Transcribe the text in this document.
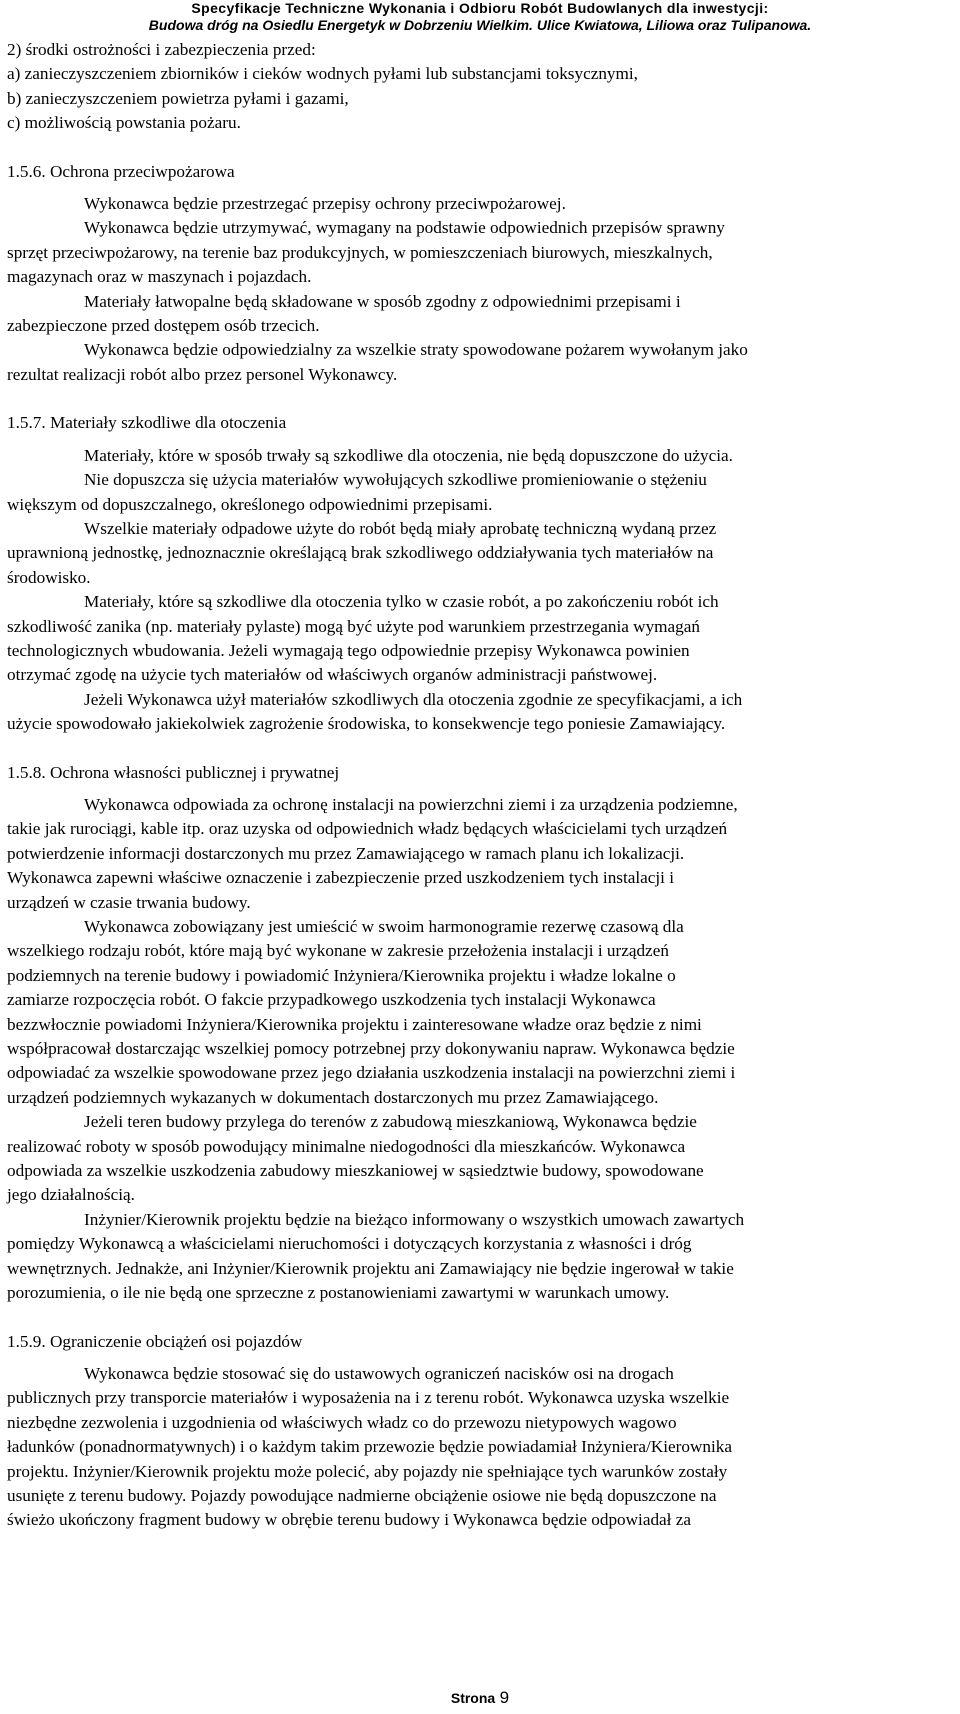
Specyfikacje Techniczne Wykonania i Odbioru Robót Budowlanych dla inwestycji:
Budowa dróg na Osiedlu Energetyk w Dobrzeniu Wielkim. Ulice Kwiatowa, Liliowa oraz Tulipanowa.
2) środki ostrożności i zabezpieczenia przed:
a) zanieczyszczeniem zbiorników i cieków wodnych pyłami lub substancjami toksycznymi,
b) zanieczyszczeniem powietrza pyłami i gazami,
c) możliwością powstania pożaru.
1.5.6. Ochrona przeciwpożarowa
Wykonawca będzie przestrzegać przepisy ochrony przeciwpożarowej.
Wykonawca będzie utrzymywać, wymagany na podstawie odpowiednich przepisów sprawny
sprzęt przeciwpożarowy, na terenie baz produkcyjnych, w pomieszczeniach biurowych, mieszkalnych,
magazynach oraz w maszynach i pojazdach.
Materiały łatwopalne będą składowane w sposób zgodny z odpowiednimi przepisami i
zabezpieczone przed dostępem osób trzecich.
Wykonawca będzie odpowiedzialny za wszelkie straty spowodowane pożarem wywołanym jako
rezultat realizacji robót albo przez personel Wykonawcy.
1.5.7. Materiały szkodliwe dla otoczenia
Materiały, które w sposób trwały są szkodliwe dla otoczenia, nie będą dopuszczone do użycia.
Nie dopuszcza się użycia materiałów wywołujących szkodliwe promieniowanie o stężeniu
większym od dopuszczalnego, określonego odpowiednimi przepisami.
Wszelkie materiały odpadowe użyte do robót będą miały aprobatę techniczną wydaną przez
uprawnioną jednostkę, jednoznacznie określającą brak szkodliwego oddziaływania tych materiałów na
środowisko.
Materiały, które są szkodliwe dla otoczenia tylko w czasie robót, a po zakończeniu robót ich
szkodliwość zanika (np. materiały pylaste) mogą być użyte pod warunkiem przestrzegania wymagań
technologicznych wbudowania. Jeżeli wymagają tego odpowiednie przepisy Wykonawca powinien
otrzymać zgodę na użycie tych materiałów od właściwych organów administracji państwowej.
Jeżeli Wykonawca użył materiałów szkodliwych dla otoczenia zgodnie ze specyfikacjami, a ich
użycie spowodowało jakiekolwiek zagrożenie środowiska, to konsekwencje tego poniesie Zamawiający.
1.5.8. Ochrona własności publicznej i prywatnej
Wykonawca odpowiada za ochronę instalacji na powierzchni ziemi i za urządzenia podziemne,
takie jak rurociągi, kable itp. oraz uzyska od odpowiednich władz będących właścicielami tych urządzeń
potwierdzenie informacji dostarczonych mu przez Zamawiającego w ramach planu ich lokalizacji.
Wykonawca zapewni właściwe oznaczenie i zabezpieczenie przed uszkodzeniem tych instalacji i
urządzeń w czasie trwania budowy.
Wykonawca zobowiązany jest umieścić w swoim harmonogramie rezerwę czasową dla
wszelkiego rodzaju robót, które mają być wykonane w zakresie przełożenia instalacji i urządzeń
podziemnych na terenie budowy i powiadomić Inżyniera/Kierownika projektu i władze lokalne o
zamiarze rozpoczęcia robót. O fakcie przypadkowego uszkodzenia tych instalacji Wykonawca
bezzwłocznie powiadomi Inżyniera/Kierownika projektu i zainteresowane władze oraz będzie z nimi
współpracował dostarczając wszelkiej pomocy potrzebnej przy dokonywaniu napraw. Wykonawca będzie
odpowiadać za wszelkie spowodowane przez jego działania uszkodzenia instalacji na powierzchni ziemi i
urządzeń podziemnych wykazanych w dokumentach dostarczonych mu przez Zamawiającego.
Jeżeli teren budowy przylega do terenów z zabudową mieszkaniową, Wykonawca będzie
realizować roboty w sposób powodujący minimalne niedogodności dla mieszkańców. Wykonawca
odpowiada za wszelkie uszkodzenia zabudowy mieszkaniowej w sąsiedztwie budowy, spowodowane
jego działalnością.
Inżynier/Kierownik projektu będzie na bieżąco informowany o wszystkich umowach zawartych
pomiędzy Wykonawcą a właścicielami nieruchomości i dotyczących korzystania z własności i dróg
wewnętrznych. Jednakże, ani Inżynier/Kierownik projektu ani Zamawiający nie będzie ingerował w takie
porozumienia, o ile nie będą one sprzeczne z postanowieniami zawartymi w warunkach umowy.
1.5.9. Ograniczenie obciążeń osi pojazdów
Wykonawca będzie stosować się do ustawowych ograniczeń nacisków osi na drogach
publicznych przy transporcie materiałów i wyposażenia na i z terenu robót. Wykonawca uzyska wszelkie
niezbędne zezwolenia i uzgodnienia od właściwych władz co do przewozu nietypowych wagowo
ładunków (ponadnormatywnych) i o każdym takim przewozie będzie powiadamiał Inżyniera/Kierownika
projektu. Inżynier/Kierownik projektu może polecić, aby pojazdy nie spełniające tych warunków zostały
usunięte z terenu budowy. Pojazdy powodujące nadmierne obciążenie osiowe nie będą dopuszczone na
świeżo ukończony fragment budowy w obrębie terenu budowy i Wykonawca będzie odpowiadał za
Strona 9
